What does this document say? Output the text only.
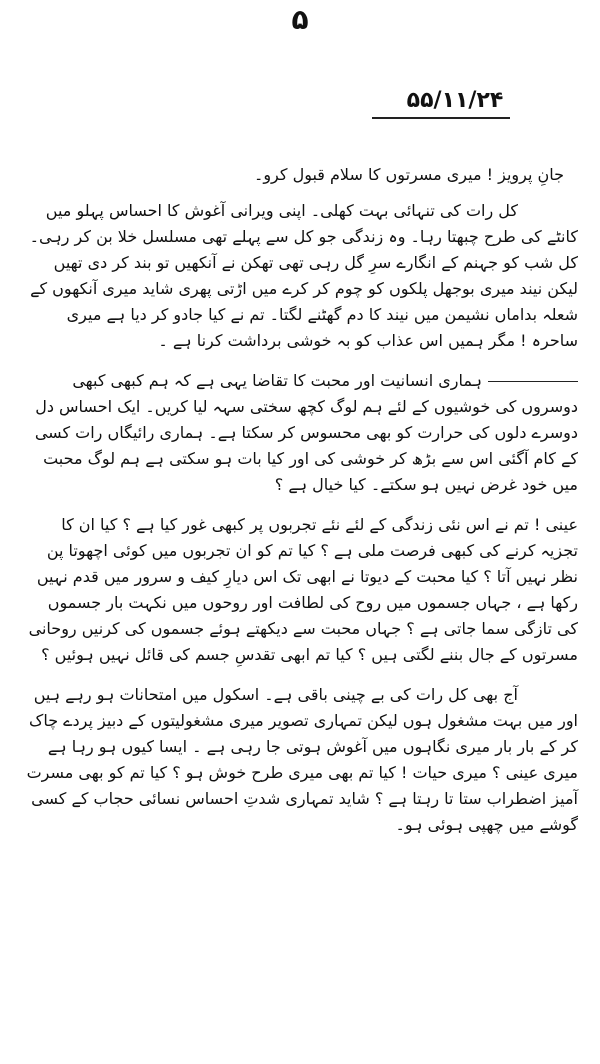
۵
۵۵/۱۱/۲۴

جانِ پرویز ! میری مسرتوں کا سلام قبول کرو۔

کل رات کی تنہائی بہت کھلی۔ اپنی ویرانی آغوش کا احساس پہلو میں کانٹے کی طرح چبھتا رہا۔ وہ زندگی جو کل سے پہلے تھی مسلسل خلا بن کر رہی۔ کل شب کو جہنم کے انگارے سرِ گل رہی تھی تھکن نے آنکھیں تو بند کر دی تھیں لیکن نیند میری بوجھل پلکوں کو چوم کر کرے میں اڑتی پھری شاید میری آنکھوں کے شعلہ بداماں نشیمن میں نیند کا دم گھٹنے لگتا۔ تم نے کیا جادو کر دیا ہے میری ساحرہ ! مگر ہمیں اس عذاب کو بہ خوشی برداشت کرنا ہے ۔

ہماری انسانیت اور محبت کا تقاضا یہی ہے کہ ہم کبھی کبھی دوسروں کی خوشیوں کے لئے ہم لوگ کچھ سختی سہہ لیا کریں۔ ایک احساس دل دوسرے دلوں کی حرارت کو بھی محسوس کر سکتا ہے۔ ہماری رائیگاں رات کسی کے کام آگئی اس سے بڑھ کر خوشی کی اور کیا بات ہو سکتی ہے ہم لوگ محبت میں خود غرض نہیں ہو سکتے۔ کیا خیال ہے ؟

عینی ! تم نے اس نئی زندگی کے لئے نئے تجربوں پر کبھی غور کیا ہے ؟ کیا ان کا تجزیہ کرنے کی کبھی فرصت ملی ہے ؟ کیا تم کو ان تجربوں میں کوئی اچھوتا پن نظر نہیں آتا ؟ کیا محبت کے دیوتا نے ابھی تک اس دیارِ کیف و سرور میں قدم نہیں رکھا ہے ، جہاں جسموں میں روح کی لطافت اور روحوں میں نکہت بار جسموں کی تازگی سما جاتی ہے ؟ جہاں محبت سے دیکھتے ہوئے جسموں کی کرنیں روحانی مسرتوں کے جال بننے لگتی ہیں ؟ کیا تم ابھی تقدسِ جسم کی قائل نہیں ہوئیں ؟

آج بھی کل رات کی بے چینی باقی ہے۔ اسکول میں امتحانات ہو رہے ہیں اور میں بہت مشغول ہوں لیکن تمہاری تصویر میری مشغولیتوں کے دبیز پردے چاک کر کے بار بار میری نگاہوں میں آغوش ہوتی جا رہی ہے ۔ ایسا کیوں ہو رہا ہے میری عینی ؟ میری حیات ! کیا تم بھی میری طرح خوش ہو ؟ کیا تم کو بھی مسرت آمیز اضطراب ستا تا رہتا ہے ؟ شاید تمہاری شدتِ احساس نسائی حجاب کے کسی گوشے میں چھپی ہوئی ہو۔
